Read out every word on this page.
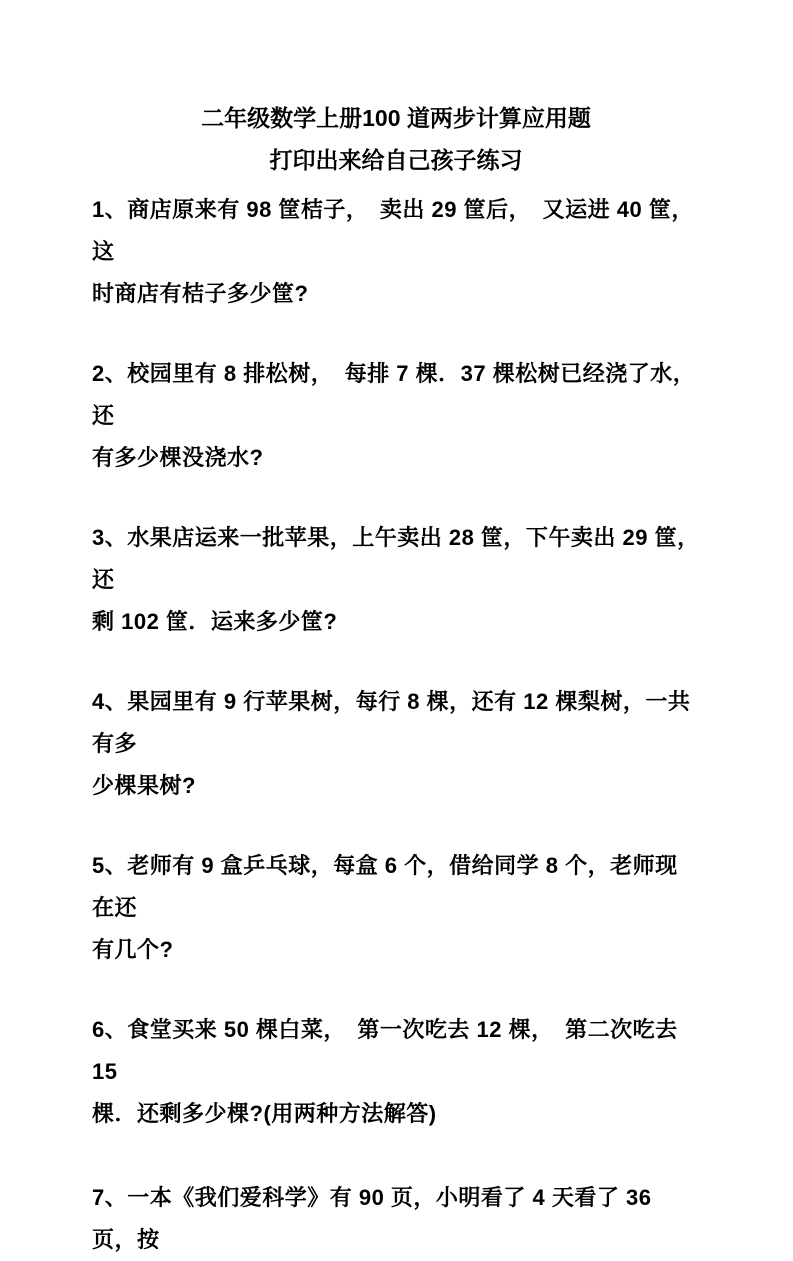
二年级数学上册100 道两步计算应用题
打印出来给自己孩子练习
1、商店原来有 98 筐桔子，　卖出 29 筐后，　又运进 40 筐，　这
时商店有桔子多少筐?
2、校园里有 8 排松树，　每排 7 棵．37 棵松树已经浇了水，　还
有多少棵没浇水?
3、水果店运来一批苹果，上午卖出 28 筐，下午卖出 29 筐，还
剩 102 筐．运来多少筐?
4、果园里有 9 行苹果树，每行 8 棵，还有 12 棵梨树，一共有多
少棵果树?
5、老师有 9 盒乒乓球，每盒 6 个，借给同学 8 个，老师现在还
有几个?
6、食堂买来 50 棵白菜，　第一次吃去 12 棵，　第二次吃去 15
棵．还剩多少棵?(用两种方法解答)
7、一本《我们爱科学》有 90 页，小明看了 4 天看了 36 页，按
